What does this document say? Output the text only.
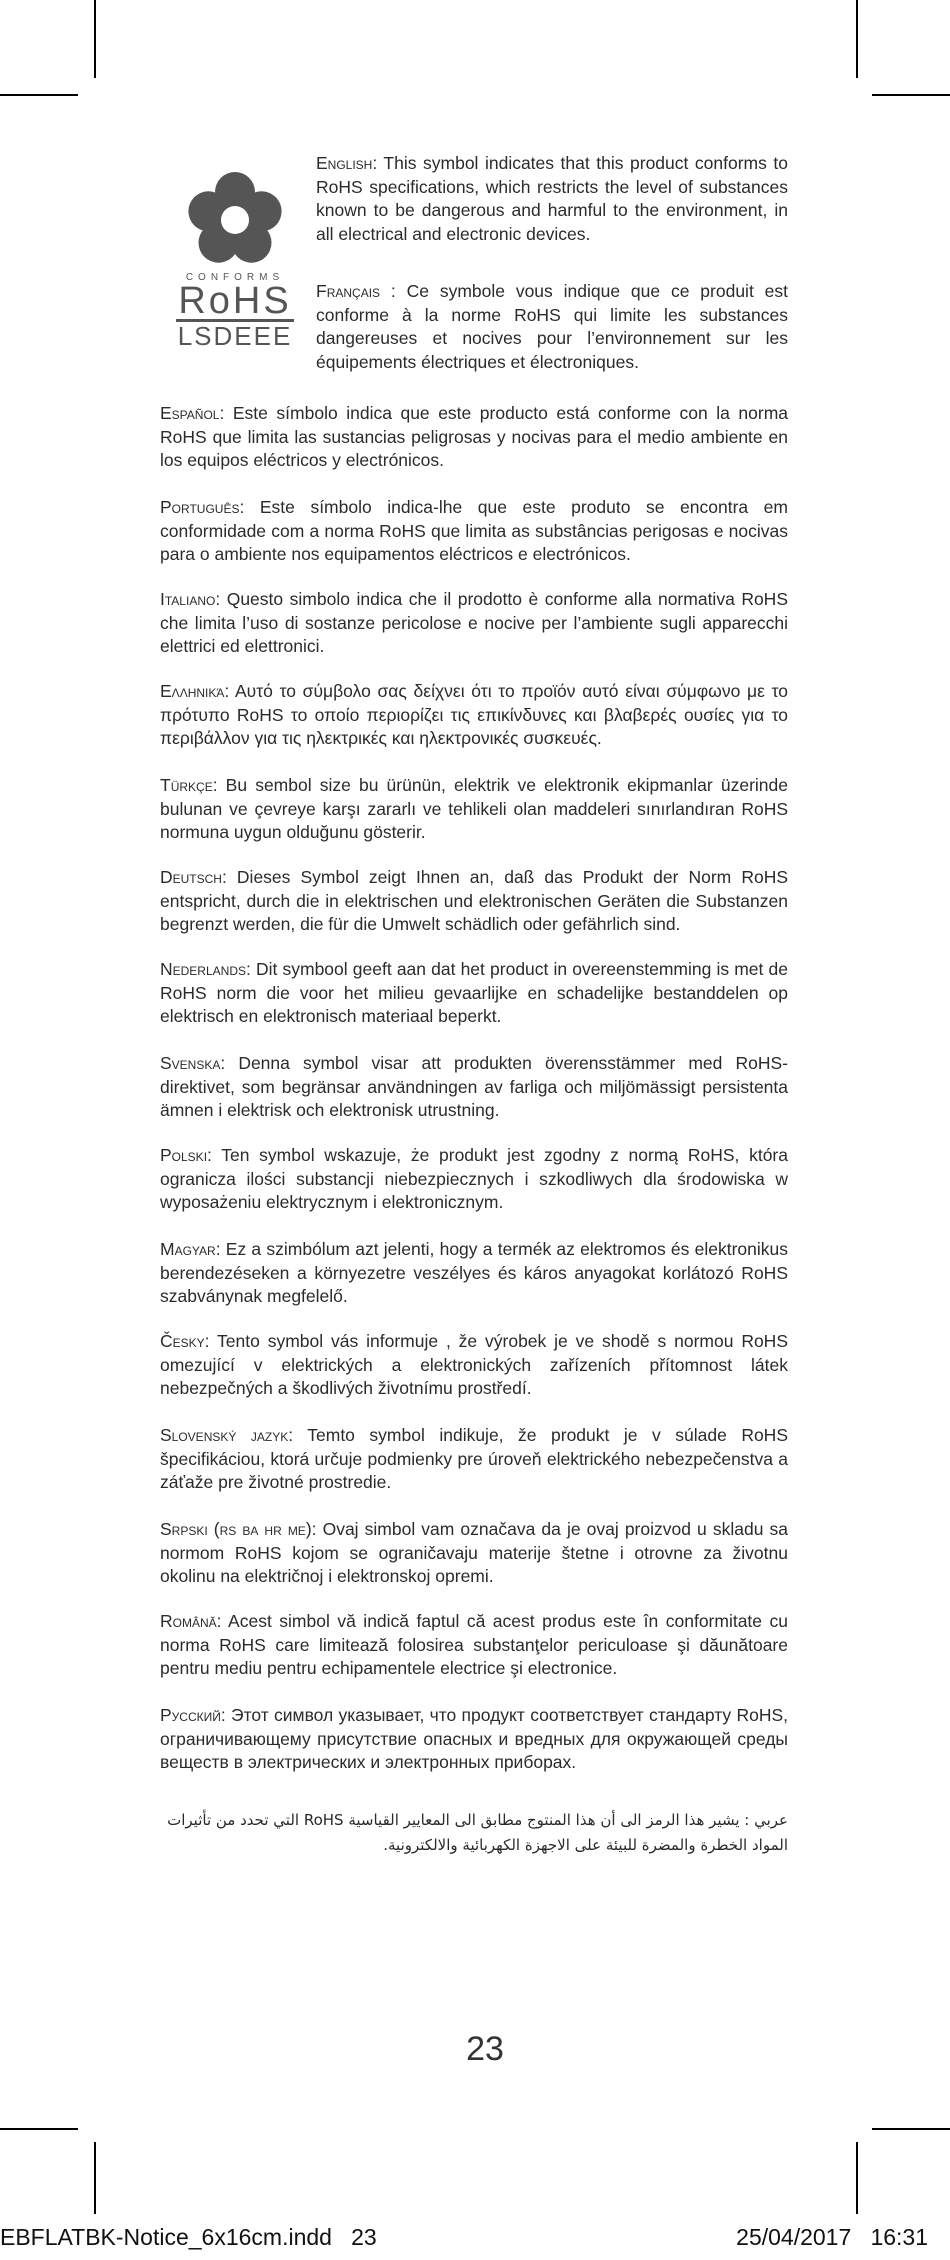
CONFORMS
RoHS
LSDEEE

English: This symbol indicates that this product conforms to RoHS specifications, which restricts the level of substances known to be dangerous and harmful to the environment, in all electrical and electronic devices.

Français : Ce symbole vous indique que ce produit est conforme à la norme RoHS qui limite les substances dangereuses et nocives pour l’environnement sur les équipements électriques et électroniques.

Español: Este símbolo indica que este producto está conforme con la norma RoHS que limita las sustancias peligrosas y nocivas para el medio ambiente en los equipos eléctricos y electrónicos.

Português: Este símbolo indica-lhe que este produto se encontra em conformidade com a norma RoHS que limita as substâncias perigosas e nocivas para o ambiente nos equipamentos eléctricos e electrónicos.

Italiano: Questo simbolo indica che il prodotto è conforme alla normativa RoHS che limita l’uso di sostanze pericolose e nocive per l’ambiente sugli apparecchi elettrici ed elettronici.

Ελληνικά: Αυτό το σύμβολο σας δείχνει ότι το προϊόν αυτό είναι σύμφωνο με το πρότυπο RoHS το οποίο περιορίζει τις επικίνδυνες και βλαβερές ουσίες για το περιβάλλον για τις ηλεκτρικές και ηλεκτρονικές συσκευές.

Türkçe: Bu sembol size bu ürünün, elektrik ve elektronik ekipmanlar üzerinde bulunan ve çevreye karşı zararlı ve tehlikeli olan maddeleri sınırlandıran RoHS normuna uygun olduğunu gösterir.

Deutsch: Dieses Symbol zeigt Ihnen an, daß das Produkt der Norm RoHS entspricht, durch die in elektrischen und elektronischen Geräten die Substanzen begrenzt werden, die für die Umwelt schädlich oder gefährlich sind.

Nederlands: Dit symbool geeft aan dat het product in overeenstemming is met de RoHS norm die voor het milieu gevaarlijke en schadelijke bestanddelen op elektrisch en elektronisch materiaal beperkt.

Svenska: Denna symbol visar att produkten överensstämmer med RoHS-direktivet, som begränsar användningen av farliga och miljömässigt persistenta ämnen i elektrisk och elektronisk utrustning.

Polski: Ten symbol wskazuje, że produkt jest zgodny z normą RoHS, która ogranicza ilości substancji niebezpiecznych i szkodliwych dla środowiska w wyposażeniu elektrycznym i elektronicznym.

Magyar: Ez a szimbólum azt jelenti, hogy a termék az elektromos és elektronikus berendezéseken a környezetre veszélyes és káros anyagokat korlátozó RoHS szabványnak megfelelő.

Česky: Tento symbol vás informuje , že výrobek je ve shodě s normou RoHS omezující v elektrických a elektronických zařízeních přítomnost látek nebezpečných a škodlivých životnímu prostředí.

Slovenský jazyk: Temto symbol indikuje, že produkt je v súlade RoHS špecifikáciou, ktorá určuje podmienky pre úroveň elektrického nebezpečenstva a záťaže pre životné prostredie.

Srpski (rs ba hr me): Ovaj simbol vam označava da je ovaj proizvod u skladu sa normom RoHS kojom se ograničavaju materije štetne i otrovne za životnu okolinu na električnoj i elektronskoj opremi.

Română: Acest simbol vă indică faptul că acest produs este în conformitate cu norma RoHS care limitează folosirea substanţelor periculoase şi dăunătoare pentru mediu pentru echipamentele electrice şi electronice.

Русский: Этот символ указывает, что продукт соответствует стандарту RoHS, ограничивающему присутствие опасных и вредных для окружающей среды веществ в электрических и электронных приборах.

عربي : يشير هذا الرمز الى أن هذا المنتوج مطابق الى المعايير القياسية RoHS التي تحدد من تأثيرات المواد الخطرة والمضرة للبيئة على الاجهزة الكهربائية والالكترونية.

23
EBFLATBK-Notice_6x16cm.indd   23	25/04/2017   16:31
